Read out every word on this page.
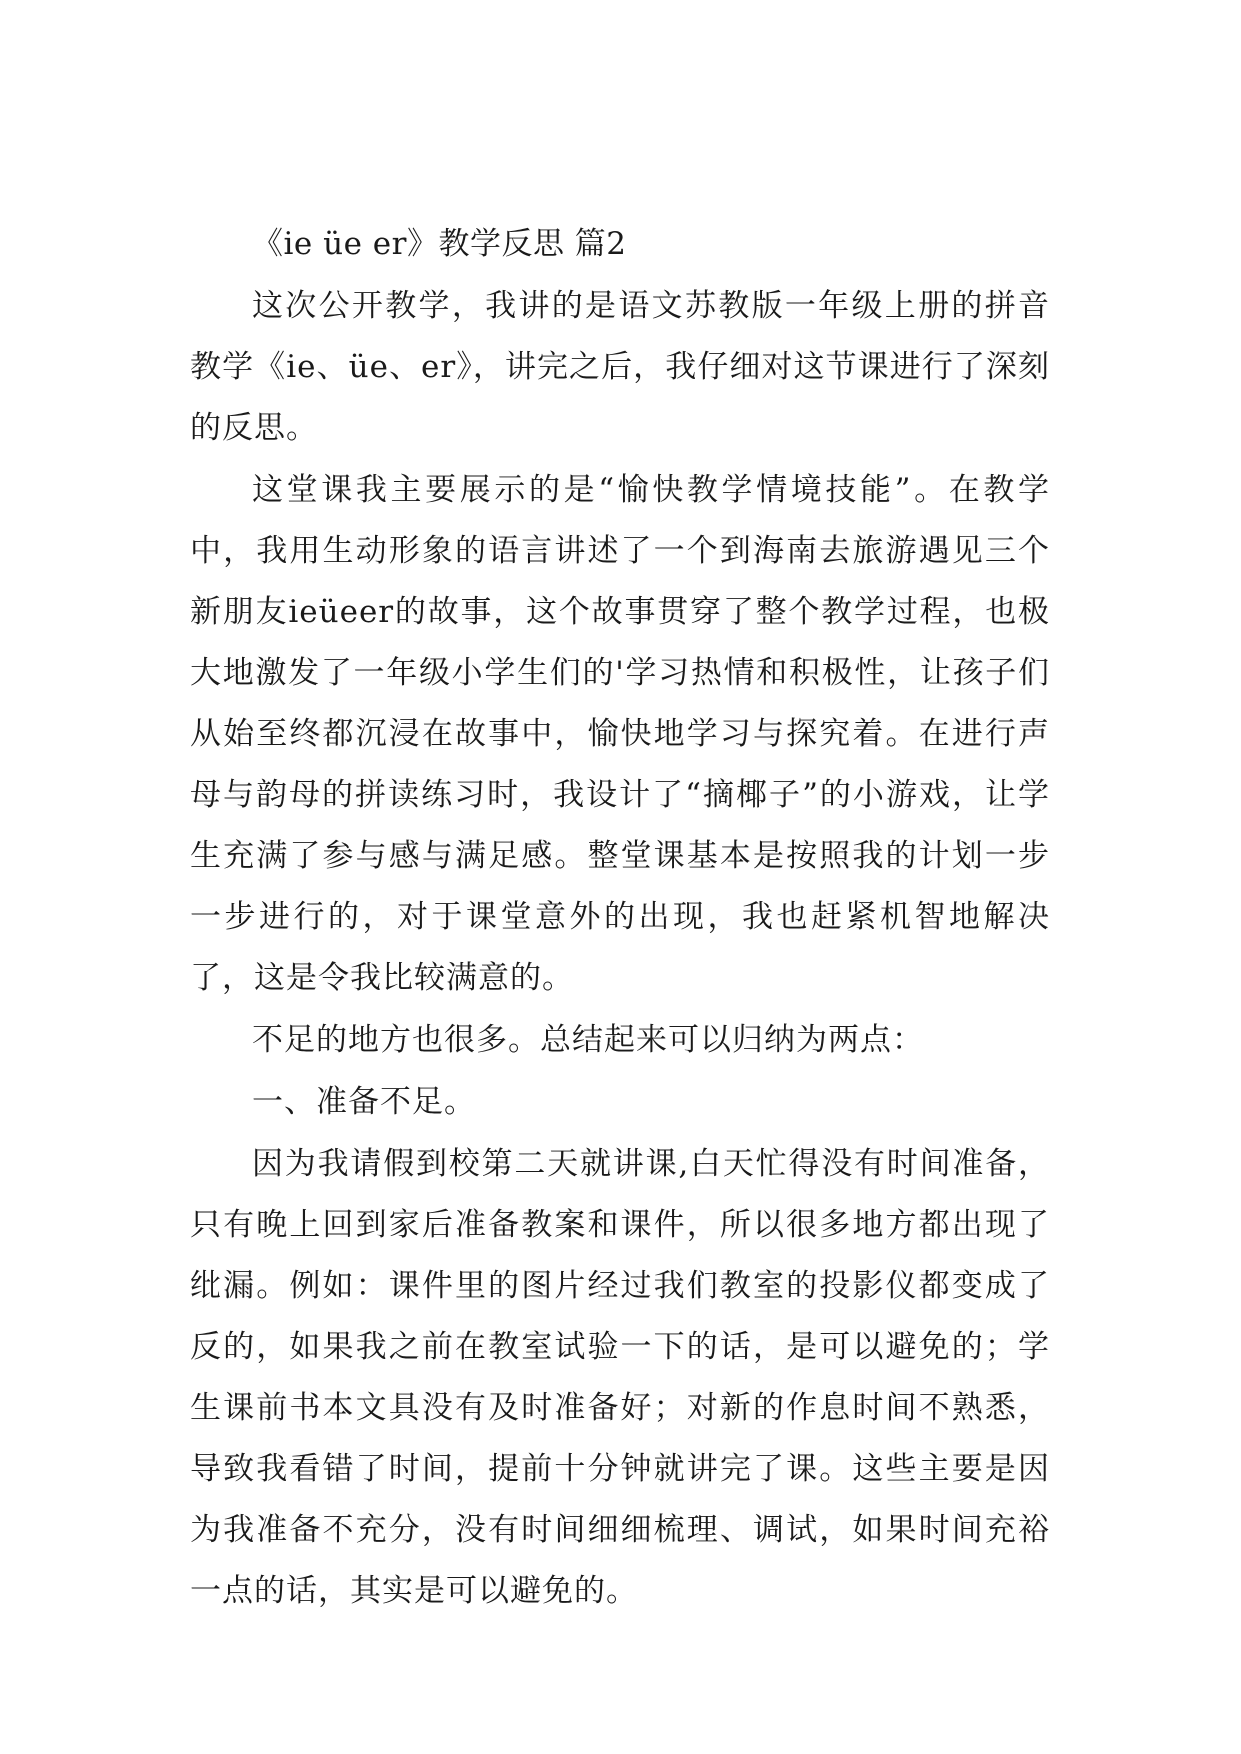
《ie üe er》教学反思 篇2

这次公开教学，我讲的是语文苏教版一年级上册的拼音教学《ie、üe、er》，讲完之后，我仔细对这节课进行了深刻的反思。

这堂课我主要展示的是“愉快教学情境技能”。在教学中，我用生动形象的语言讲述了一个到海南去旅游遇见三个新朋友ieüeer的故事，这个故事贯穿了整个教学过程，也极大地激发了一年级小学生们的'学习热情和积极性，让孩子们从始至终都沉浸在故事中，愉快地学习与探究着。在进行声母与韵母的拼读练习时，我设计了“摘椰子”的小游戏，让学生充满了参与感与满足感。整堂课基本是按照我的计划一步一步进行的，对于课堂意外的出现，我也赶紧机智地解决了，这是令我比较满意的。

不足的地方也很多。总结起来可以归纳为两点：

一、准备不足。

因为我请假到校第二天就讲课,白天忙得没有时间准备，只有晚上回到家后准备教案和课件，所以很多地方都出现了纰漏。例如：课件里的图片经过我们教室的投影仪都变成了反的，如果我之前在教室试验一下的话，是可以避免的；学生课前书本文具没有及时准备好；对新的作息时间不熟悉，导致我看错了时间，提前十分钟就讲完了课。这些主要是因为我准备不充分，没有时间细细梳理、调试，如果时间充裕一点的话，其实是可以避免的。
